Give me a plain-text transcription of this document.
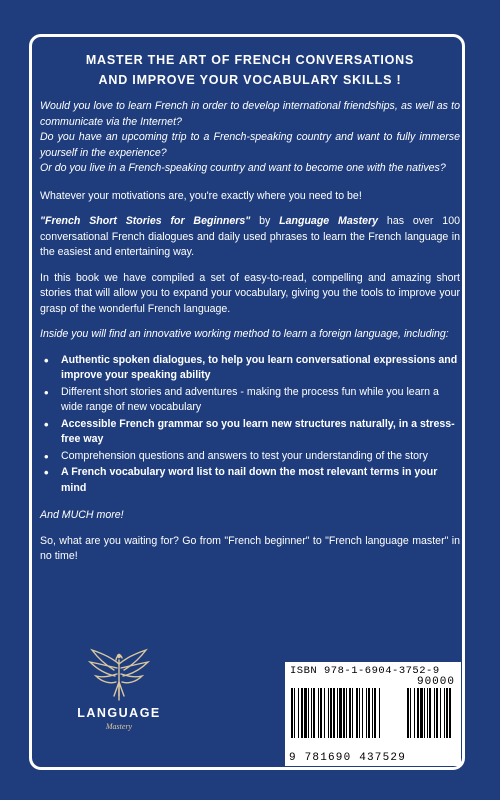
MASTER THE ART OF FRENCH CONVERSATIONS
AND IMPROVE YOUR VOCABULARY SKILLS !

Would you love to learn French in order to develop international friendships, as well as to communicate via the Internet?

Do you have an upcoming trip to a French-speaking country and want to fully immerse yourself in the experience?

Or do you live in a French-speaking country and want to become one with the natives?

Whatever your motivations are, you're exactly where you need to be!

"French Short Stories for Beginners" by Language Mastery has over 100 conversational French dialogues and daily used phrases to learn the French language in the easiest and entertaining way.

In this book we have compiled a set of easy-to-read, compelling and amazing short stories that will allow you to expand your vocabulary, giving you the tools to improve your grasp of the wonderful French language.

Inside you will find an innovative working method to learn a foreign language, including:

• Authentic spoken dialogues, to help you learn conversational expressions and improve your speaking ability
• Different short stories and adventures - making the process fun while you learn a wide range of new vocabulary
• Accessible French grammar so you learn new structures naturally, in a stress-free way
• Comprehension questions and answers to test your understanding of the story
• A French vocabulary word list to nail down the most relevant terms in your mind

And MUCH more!

So, what are you waiting for? Go from "French beginner" to "French language master" in no time!

LANGUAGE
Mastery
ISBN 978-1-6904-3752-9
90000
9 781690 437529
